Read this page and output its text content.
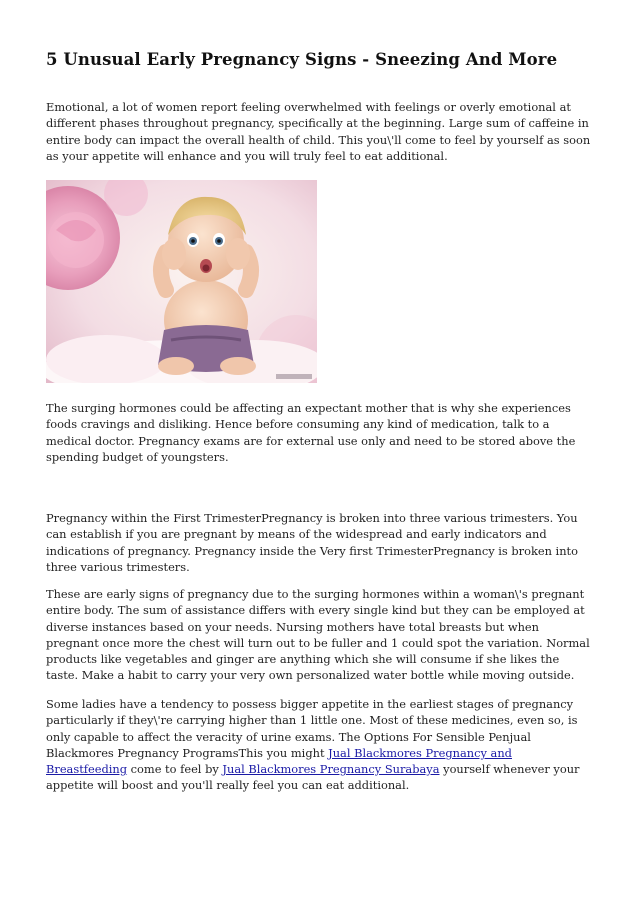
5 Unusual Early Pregnancy Signs - Sneezing And More

Emotional, a lot of women report feeling overwhelmed with feelings or overly emotional at different phases throughout pregnancy, specifically at the beginning. Large sum of caffeine in entire body can impact the overall health of child. This you\'ll come to feel by yourself as soon as your appetite will enhance and you will truly feel to eat additional.

The surging hormones could be affecting an expectant mother that is why she experiences foods cravings and disliking. Hence before consuming any kind of medication, talk to a medical doctor. Pregnancy exams are for external use only and need to be stored above the spending budget of youngsters.

Pregnancy within the First TrimesterPregnancy is broken into three various trimesters. You can establish if you are pregnant by means of the widespread and early indicators and indications of pregnancy. Pregnancy inside the Very first TrimesterPregnancy is broken into three various trimesters.

These are early signs of pregnancy due to the surging hormones within a woman\'s pregnant entire body. The sum of assistance differs with every single kind but they can be employed at diverse instances based on your needs. Nursing mothers have total breasts but when pregnant once more the chest will turn out to be fuller and 1 could spot the variation. Normal products like vegetables and ginger are anything which she will consume if she likes the taste. Make a habit to carry your very own personalized water bottle while moving outside.

Some ladies have a tendency to possess bigger appetite in the earliest stages of pregnancy particularly if they\'re carrying higher than 1 little one. Most of these medicines, even so, is only capable to affect the veracity of urine exams. The Options For Sensible Penjual Blackmores Pregnancy ProgramsThis you might Jual Blackmores Pregnancy and Breastfeeding come to feel by Jual Blackmores Pregnancy Surabaya yourself whenever your appetite will boost and you'll really feel you can eat additional.
